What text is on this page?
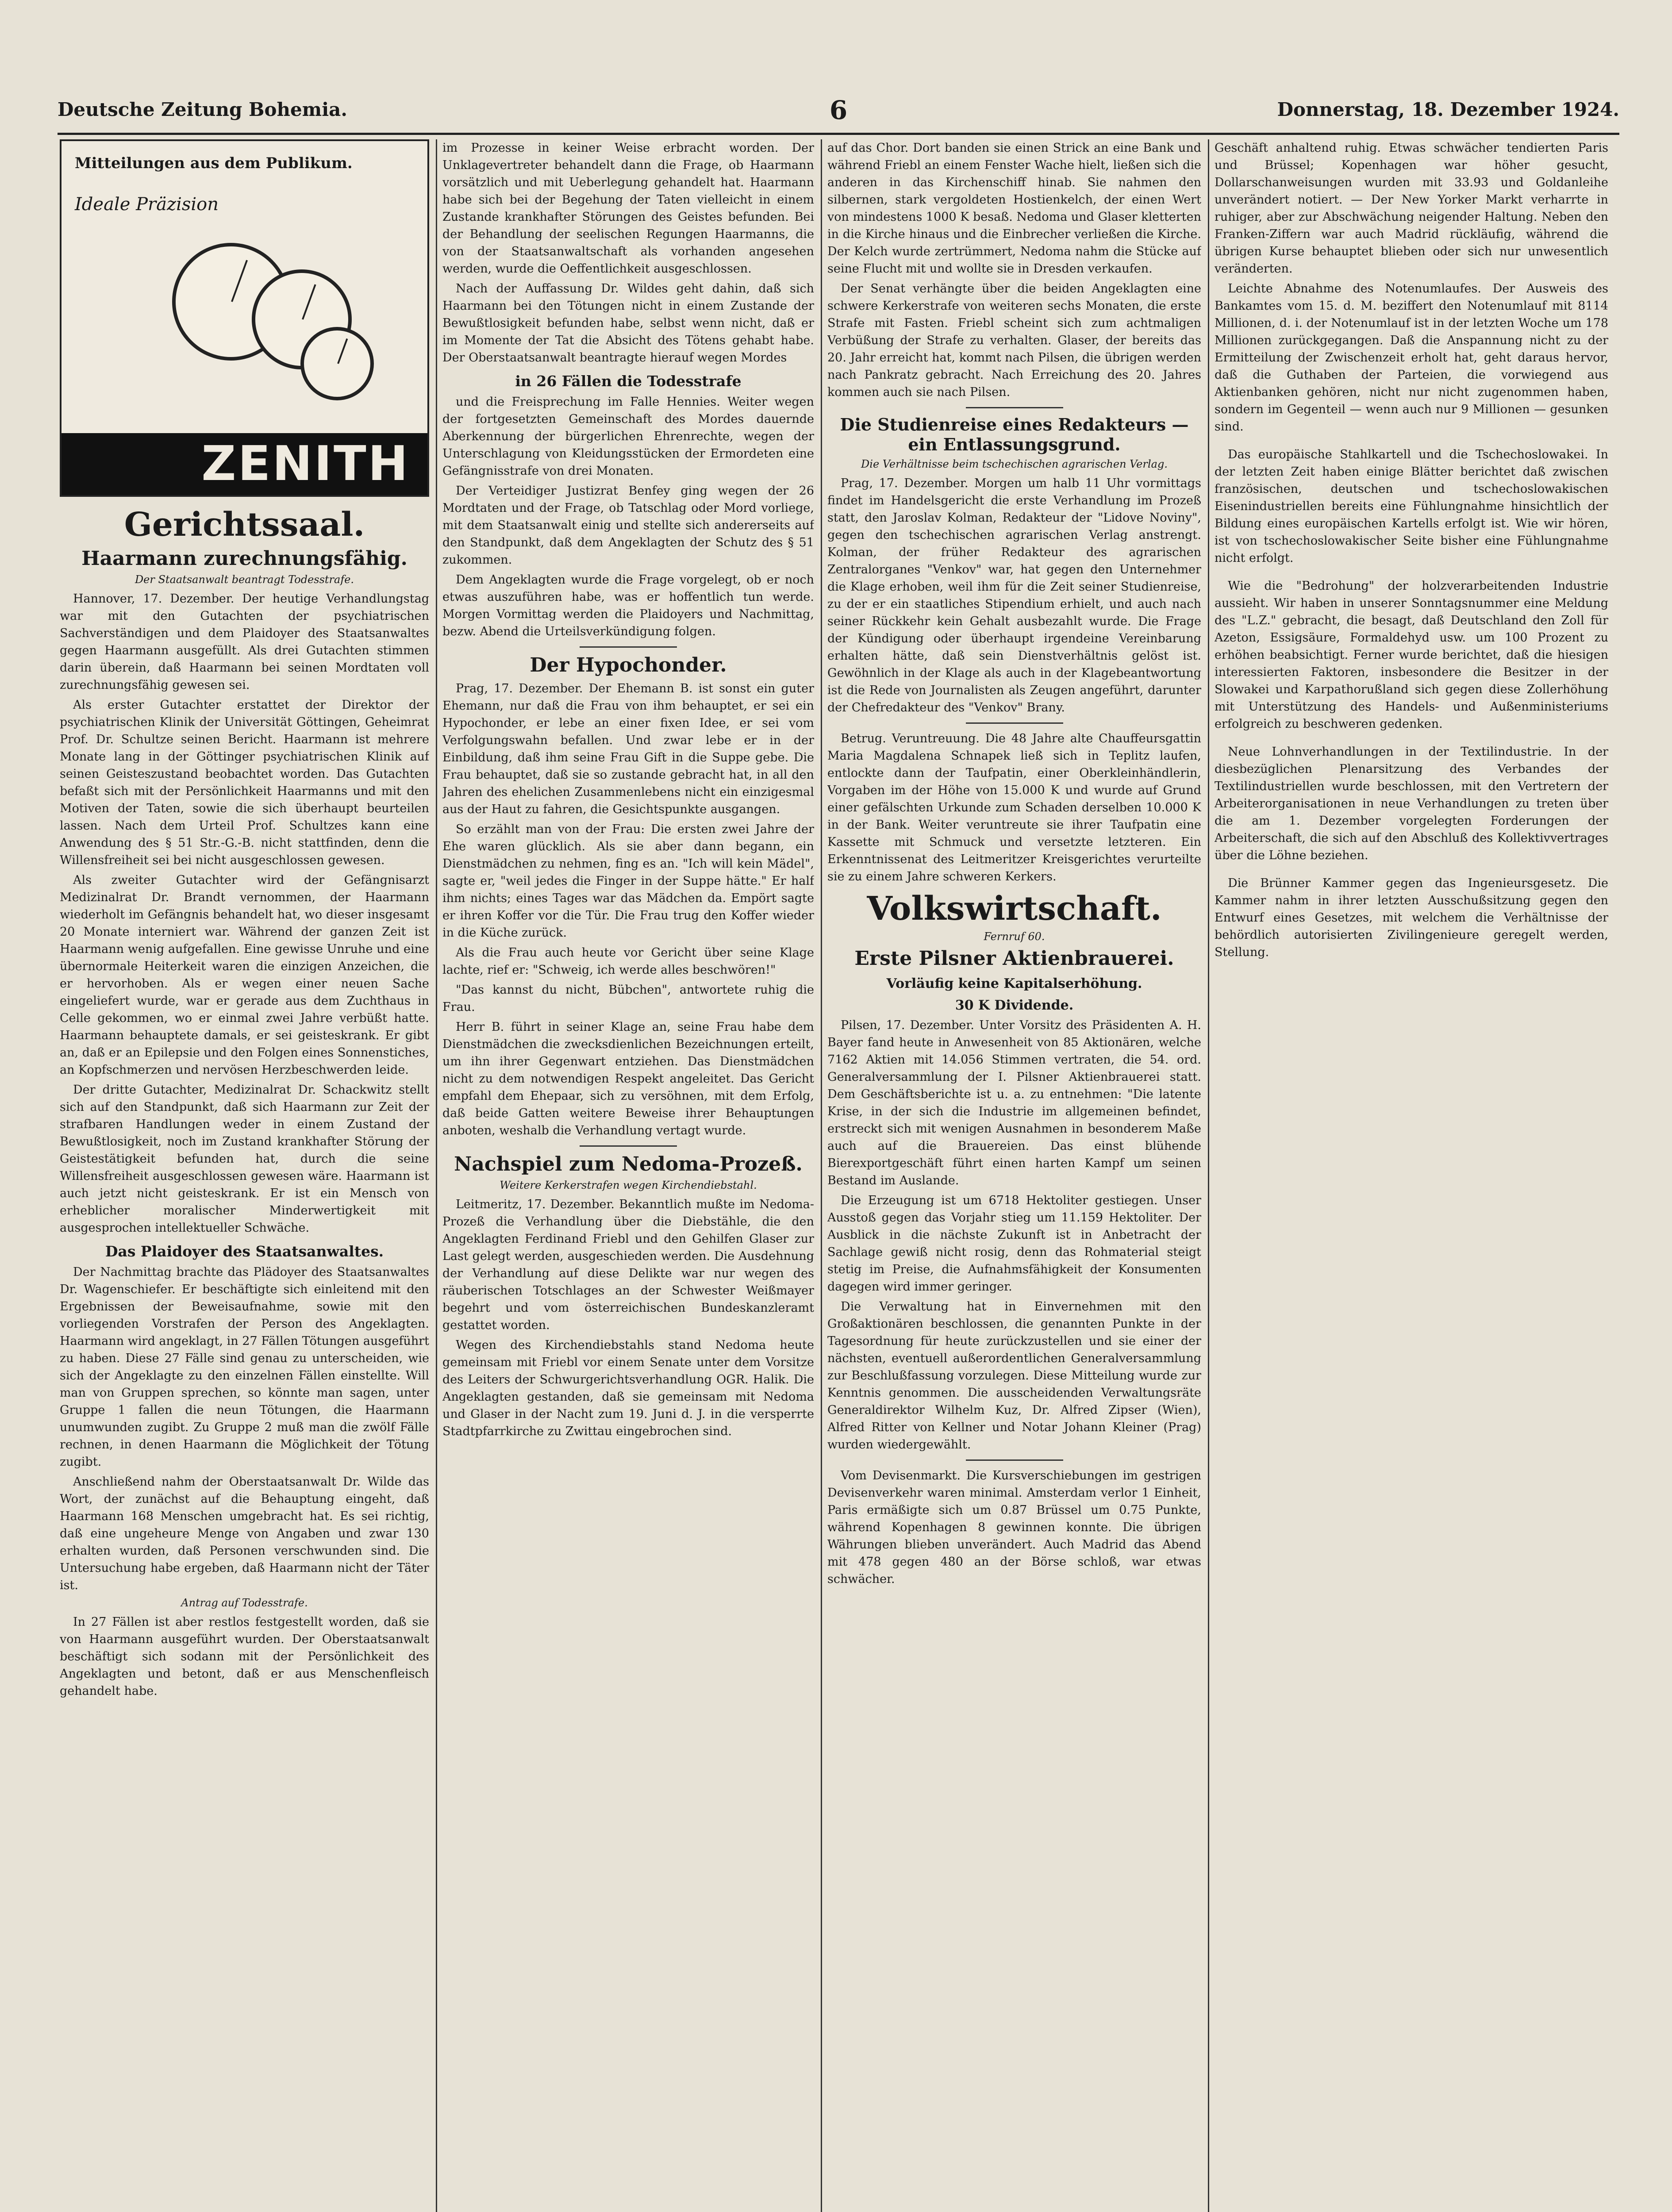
Deutsche Zeitung Bohemia.	6	Donnerstag, 18. Dezember 1924.
Mitteilungen aus dem Publikum.
Ideale Präzision
ZENITH
Gerichtssaal.
Haarmann zurechnungsfähig.
Der Staatsanwalt beantragt Todesstrafe.

Hannover, 17. Dezember. Der heutige Verhandlungstag war mit den Gutachten der psychiatrischen Sachverständigen und dem Plaidoyer des Staatsanwaltes gegen Haarmann ausgefüllt. Als drei Gutachten stimmen darin überein, daß Haarmann bei seinen Mordtaten voll zurechnungsfähig gewesen sei.

Als erster Gutachter erstattet der Direktor der psychiatrischen Klinik der Universität Göttingen, Geheimrat Prof. Dr. Schultze seinen Bericht. Haarmann ist mehrere Monate lang in der Göttinger psychiatrischen Klinik auf seinen Geisteszustand beobachtet worden. Das Gutachten befaßt sich mit der Persönlichkeit Haarmanns und mit den Motiven der Taten, sowie die sich überhaupt beurteilen lassen. Nach dem Urteil Prof. Schultzes kann eine Anwendung des § 51 Str.-G.-B. nicht stattfinden, denn die Willensfreiheit sei bei nicht ausgeschlossen gewesen.

Als zweiter Gutachter wird der Gefängnisarzt Medizinalrat Dr. Brandt vernommen, der Haarmann wiederholt im Gefängnis behandelt hat, wo dieser insgesamt 20 Monate interniert war. Während der ganzen Zeit ist Haarmann wenig aufgefallen. Eine gewisse Unruhe und eine übernormale Heiterkeit waren die einzigen Anzeichen, die er hervorhoben. Als er wegen einer neuen Sache eingeliefert wurde, war er gerade aus dem Zuchthaus in Celle gekommen, wo er einmal zwei Jahre verbüßt hatte. Haarmann behauptete damals, er sei geisteskrank. Er gibt an, daß er an Epilepsie und den Folgen eines Sonnenstiches, an Kopfschmerzen und nervösen Herzbeschwerden leide.

Der dritte Gutachter, Medizinalrat Dr. Schackwitz stellt sich auf den Standpunkt, daß sich Haarmann zur Zeit der strafbaren Handlungen weder in einem Zustand der Bewußtlosigkeit, noch im Zustand krankhafter Störung der Geistestätigkeit befunden hat, durch die seine Willensfreiheit ausgeschlossen gewesen wäre. Haarmann ist auch jetzt nicht geisteskrank. Er ist ein Mensch von erheblicher moralischer Minderwertigkeit mit ausgesprochen intellektueller Schwäche.

Das Plaidoyer des Staatsanwaltes.

Der Nachmittag brachte das Plädoyer des Staatsanwaltes Dr. Wagenschiefer. Er beschäftigte sich einleitend mit den Ergebnissen der Beweisaufnahme, sowie mit den vorliegenden Vorstrafen der Person des Angeklagten. Haarmann wird angeklagt, in 27 Fällen Tötungen ausgeführt zu haben. Diese 27 Fälle sind genau zu unterscheiden, wie sich der Angeklagte zu den einzelnen Fällen einstellte. Will man von Gruppen sprechen, so könnte man sagen, unter Gruppe 1 fallen die neun Tötungen, die Haarmann unumwunden zugibt. Zu Gruppe 2 muß man die zwölf Fälle rechnen, in denen Haarmann die Möglichkeit der Tötung zugibt.

Anschließend nahm der Oberstaatsanwalt Dr. Wilde das Wort, der zunächst auf die Behauptung eingeht, daß Haarmann 168 Menschen umgebracht hat. Es sei richtig, daß eine ungeheure Menge von Angaben und zwar 130 erhalten wurden, daß Personen verschwunden sind. Die Untersuchung habe ergeben, daß Haarmann nicht der Täter ist.

Antrag auf Todesstrafe.

In 27 Fällen ist aber restlos festgestellt worden, daß sie von Haarmann ausgeführt wurden. Der Oberstaatsanwalt beschäftigt sich sodann mit der Persönlichkeit des Angeklagten und betont, daß er aus Menschenfleisch gehandelt habe.

im Prozesse in keiner Weise erbracht worden. Der Unklagevertreter behandelt dann die Frage, ob Haarmann vorsätzlich und mit Ueberlegung gehandelt hat. Haarmann habe sich bei der Begehung der Taten vielleicht in einem Zustande krankhafter Störungen des Geistes befunden. Bei der Behandlung der seelischen Regungen Haarmanns, die von der Staatsanwaltschaft als vorhanden angesehen werden, wurde die Oeffentlichkeit ausgeschlossen.

Nach der Auffassung Dr. Wildes geht dahin, daß sich Haarmann bei den Tötungen nicht in einem Zustande der Bewußtlosigkeit befunden habe, selbst wenn nicht, daß er im Momente der Tat die Absicht des Tötens gehabt habe. Der Oberstaatsanwalt beantragte hierauf wegen Mordes

in 26 Fällen die Todesstrafe

und die Freisprechung im Falle Hennies. Weiter wegen der fortgesetzten Gemeinschaft des Mordes dauernde Aberkennung der bürgerlichen Ehrenrechte, wegen der Unterschlagung von Kleidungsstücken der Ermordeten eine Gefängnisstrafe von drei Monaten.

Der Verteidiger Justizrat Benfey ging wegen der 26 Mordtaten und der Frage, ob Tatschlag oder Mord vorliege, mit dem Staatsanwalt einig und stellte sich andererseits auf den Standpunkt, daß dem Angeklagten der Schutz des § 51 zukommen.

Dem Angeklagten wurde die Frage vorgelegt, ob er noch etwas auszuführen habe, was er hoffentlich tun werde. Morgen Vormittag werden die Plaidoyers und Nachmittag, bezw. Abend die Urteilsverkündigung folgen.

Der Hypochonder.

Prag, 17. Dezember. Der Ehemann B. ist sonst ein guter Ehemann, nur daß die Frau von ihm behauptet, er sei ein Hypochonder, er lebe an einer fixen Idee, er sei vom Verfolgungswahn befallen. Und zwar lebe er in der Einbildung, daß ihm seine Frau Gift in die Suppe gebe. Die Frau behauptet, daß sie so zustande gebracht hat, in all den Jahren des ehelichen Zusammenlebens nicht ein einzigesmal aus der Haut zu fahren, die Gesichtspunkte ausgangen.

So erzählt man von der Frau: Die ersten zwei Jahre der Ehe waren glücklich. Als sie aber dann begann, ein Dienstmädchen zu nehmen, fing es an. "Ich will kein Mädel", sagte er, "weil jedes die Finger in der Suppe hätte." Er half ihm nichts; eines Tages war das Mädchen da. Empört sagte er ihren Koffer vor die Tür. Die Frau trug den Koffer wieder in die Küche zurück.

Als die Frau auch heute vor Gericht über seine Klage lachte, rief er: "Schweig, ich werde alles beschwören!"

"Das kannst du nicht, Bübchen", antwortete ruhig die Frau.

Herr B. führt in seiner Klage an, seine Frau habe dem Dienstmädchen die zwecksdienlichen Bezeichnungen erteilt, um ihn ihrer Gegenwart entziehen. Das Dienstmädchen nicht zu dem notwendigen Respekt angeleitet. Das Gericht empfahl dem Ehepaar, sich zu versöhnen, mit dem Erfolg, daß beide Gatten weitere Beweise ihrer Behauptungen anboten, weshalb die Verhandlung vertagt wurde.

Nachspiel zum Nedoma-Prozeß.
Weitere Kerkerstrafen wegen Kirchendiebstahl.

Leitmeritz, 17. Dezember. Bekanntlich mußte im Nedoma-Prozeß die Verhandlung über die Diebstähle, die den Angeklagten Ferdinand Friebl und den Gehilfen Glaser zur Last gelegt werden, ausgeschieden werden. Die Ausdehnung der Verhandlung auf diese Delikte war nur wegen des räuberischen Totschlages an der Schwester Weißmayer begehrt und vom österreichischen Bundeskanzleramt gestattet worden.

Wegen des Kirchendiebstahls stand Nedoma heute gemeinsam mit Friebl vor einem Senate unter dem Vorsitze des Leiters der Schwurgerichtsverhandlung OGR. Halik. Die Angeklagten gestanden, daß sie gemeinsam mit Nedoma und Glaser in der Nacht zum 19. Juni d. J. in die versperrte Stadtpfarrkirche zu Zwittau eingebrochen sind.

auf das Chor. Dort banden sie einen Strick an eine Bank und während Friebl an einem Fenster Wache hielt, ließen sich die anderen in das Kirchenschiff hinab. Sie nahmen den silbernen, stark vergoldeten Hostienkelch, der einen Wert von mindestens 1000 K besaß. Nedoma und Glaser kletterten in die Kirche hinaus und die Einbrecher verließen die Kirche. Der Kelch wurde zertrümmert, Nedoma nahm die Stücke auf seine Flucht mit und wollte sie in Dresden verkaufen.

Der Senat verhängte über die beiden Angeklagten eine schwere Kerkerstrafe von weiteren sechs Monaten, die erste Strafe mit Fasten. Friebl scheint sich zum achtmaligen Verbüßung der Strafe zu verhalten. Glaser, der bereits das 20. Jahr erreicht hat, kommt nach Pilsen, die übrigen werden nach Pankratz gebracht. Nach Erreichung des 20. Jahres kommen auch sie nach Pilsen.

Die Studienreise eines Redakteurs — ein Entlassungsgrund.
Die Verhältnisse beim tschechischen agrarischen Verlag.

Prag, 17. Dezember. Morgen um halb 11 Uhr vormittags findet im Handelsgericht die erste Verhandlung im Prozeß statt, den Jaroslav Kolman, Redakteur der "Lidove Noviny", gegen den tschechischen agrarischen Verlag anstrengt. Kolman, der früher Redakteur des agrarischen Zentralorganes "Venkov" war, hat gegen den Unternehmer die Klage erhoben, weil ihm für die Zeit seiner Studienreise, zu der er ein staatliches Stipendium erhielt, und auch nach seiner Rückkehr kein Gehalt ausbezahlt wurde. Die Frage der Kündigung oder überhaupt irgendeine Vereinbarung erhalten hätte, daß sein Dienstverhältnis gelöst ist. Gewöhnlich in der Klage als auch in der Klagebeantwortung ist die Rede von Journalisten als Zeugen angeführt, darunter der Chefredakteur des "Venkov" Brany.

Betrug. Veruntreuung. Die 48 Jahre alte Chauffeursgattin Maria Magdalena Schnapek ließ sich in Teplitz laufen, entlockte dann der Taufpatin, einer Oberkleinhändlerin, Vorgaben im der Höhe von 15.000 K und wurde auf Grund einer gefälschten Urkunde zum Schaden derselben 10.000 K in der Bank. Weiter veruntreute sie ihrer Taufpatin eine Kassette mit Schmuck und versetzte letzteren. Ein Erkenntnissenat des Leitmeritzer Kreisgerichtes verurteilte sie zu einem Jahre schweren Kerkers.

Volkswirtschaft.
Fernruf 60.
Erste Pilsner Aktienbrauerei.
Vorläufig keine Kapitalserhöhung.
30 K Dividende.

Pilsen, 17. Dezember. Unter Vorsitz des Präsidenten A. H. Bayer fand heute in Anwesenheit von 85 Aktionären, welche 7162 Aktien mit 14.056 Stimmen vertraten, die 54. ord. Generalversammlung der I. Pilsner Aktienbrauerei statt. Dem Geschäftsberichte ist u. a. zu entnehmen: "Die latente Krise, in der sich die Industrie im allgemeinen befindet, erstreckt sich mit wenigen Ausnahmen in besonderem Maße auch auf die Brauereien. Das einst blühende Bierexportgeschäft führt einen harten Kampf um seinen Bestand im Auslande.

Die Erzeugung ist um 6718 Hektoliter gestiegen. Unser Ausstoß gegen das Vorjahr stieg um 11.159 Hektoliter. Der Ausblick in die nächste Zukunft ist in Anbetracht der Sachlage gewiß nicht rosig, denn das Rohmaterial steigt stetig im Preise, die Aufnahmsfähigkeit der Konsumenten dagegen wird immer geringer.

Die Verwaltung hat in Einvernehmen mit den Großaktionären beschlossen, die genannten Punkte in der Tagesordnung für heute zurückzustellen und sie einer der nächsten, eventuell außerordentlichen Generalversammlung zur Beschlußfassung vorzulegen. Diese Mitteilung wurde zur Kenntnis genommen. Die ausscheidenden Verwaltungsräte Generaldirektor Wilhelm Kuz, Dr. Alfred Zipser (Wien), Alfred Ritter von Kellner und Notar Johann Kleiner (Prag) wurden wiedergewählt.

Vom Devisenmarkt. Die Kursverschiebungen im gestrigen Devisenverkehr waren minimal. Amsterdam verlor 1 Einheit, Paris ermäßigte sich um 0.87 Brüssel um 0.75 Punkte, während Kopenhagen 8 gewinnen konnte. Die übrigen Währungen blieben unverändert. Auch Madrid das Abend mit 478 gegen 480 an der Börse schloß, war etwas schwächer.

Geschäft anhaltend ruhig. Etwas schwächer tendierten Paris und Brüssel; Kopenhagen war höher gesucht, Dollarschanweisungen wurden mit 33.93 und Goldanleihe unverändert notiert. — Der New Yorker Markt verharrte in ruhiger, aber zur Abschwächung neigender Haltung. Neben den Franken-Ziffern war auch Madrid rückläufig, während die übrigen Kurse behauptet blieben oder sich nur unwesentlich veränderten.

Leichte Abnahme des Notenumlaufes. Der Ausweis des Bankamtes vom 15. d. M. beziffert den Notenumlauf mit 8114 Millionen, d. i. der Notenumlauf ist in der letzten Woche um 178 Millionen zurückgegangen. Daß die Anspannung nicht zu der Ermitteilung der Zwischenzeit erholt hat, geht daraus hervor, daß die Guthaben der Parteien, die vorwiegend aus Aktienbanken gehören, nicht nur nicht zugenommen haben, sondern im Gegenteil — wenn auch nur 9 Millionen — gesunken sind.

Das europäische Stahlkartell und die Tschechoslowakei. In der letzten Zeit haben einige Blätter berichtet daß zwischen französischen, deutschen und tschechoslowakischen Eisenindustriellen bereits eine Fühlungnahme hinsichtlich der Bildung eines europäischen Kartells erfolgt ist. Wie wir hören, ist von tschechoslowakischer Seite bisher eine Fühlungnahme nicht erfolgt.

Wie die "Bedrohung" der holzverarbeitenden Industrie aussieht. Wir haben in unserer Sonntagsnummer eine Meldung des "L.Z." gebracht, die besagt, daß Deutschland den Zoll für Azeton, Essigsäure, Formaldehyd usw. um 100 Prozent zu erhöhen beabsichtigt. Ferner wurde berichtet, daß die hiesigen interessierten Faktoren, insbesondere die Besitzer in der Slowakei und Karpathorußland sich gegen diese Zollerhöhung mit Unterstützung des Handels- und Außenministeriums erfolgreich zu beschweren gedenken.

Neue Lohnverhandlungen in der Textilindustrie. In der diesbezüglichen Plenarsitzung des Verbandes der Textilindustriellen wurde beschlossen, mit den Vertretern der Arbeiterorganisationen in neue Verhandlungen zu treten über die am 1. Dezember vorgelegten Forderungen der Arbeiterschaft, die sich auf den Abschluß des Kollektivvertrages über die Löhne beziehen.

Die Brünner Kammer gegen das Ingenieursgesetz. Die Kammer nahm in ihrer letzten Ausschußsitzung gegen den Entwurf eines Gesetzes, mit welchem die Verhältnisse der behördlich autorisierten Zivilingenieure geregelt werden, Stellung.
